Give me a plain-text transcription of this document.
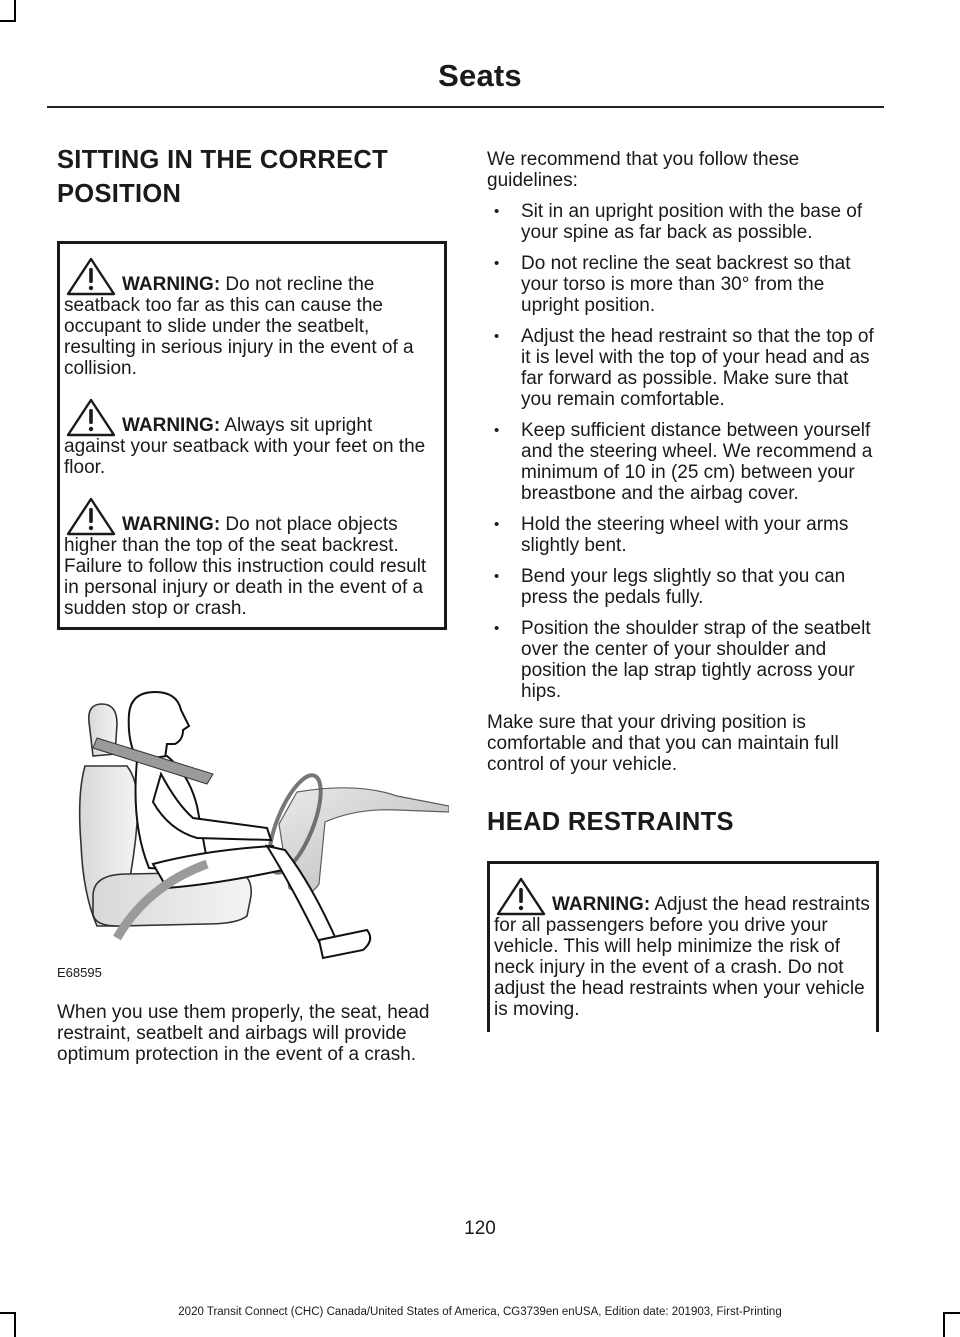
Seats
SITTING IN THE CORRECT
POSITION
WARNING: Do not recline the seatback too far as this can cause the occupant to slide under the seatbelt, resulting in serious injury in the event of a collision.
WARNING: Always sit upright against your seatback with your feet on the floor.
WARNING: Do not place objects higher than the top of the seat backrest. Failure to follow this instruction could result in personal injury or death in the event of a sudden stop or crash.
E68595

When you use them properly, the seat, head restraint, seatbelt and airbags will provide optimum protection in the event of a crash.

We recommend that you follow these guidelines:

• Sit in an upright position with the base of your spine as far back as possible.
• Do not recline the seat backrest so that your torso is more than 30° from the upright position.
• Adjust the head restraint so that the top of it is level with the top of your head and as far forward as possible. Make sure that you remain comfortable.
• Keep sufficient distance between yourself and the steering wheel. We recommend a minimum of 10 in (25 cm) between your breastbone and the airbag cover.
• Hold the steering wheel with your arms slightly bent.
• Bend your legs slightly so that you can press the pedals fully.
• Position the shoulder strap of the seatbelt over the center of your shoulder and position the lap strap tightly across your hips.

Make sure that your driving position is comfortable and that you can maintain full control of your vehicle.

HEAD RESTRAINTS
WARNING: Adjust the head restraints for all passengers before you drive your vehicle. This will help minimize the risk of neck injury in the event of a crash. Do not adjust the head restraints when your vehicle is moving.
120
2020 Transit Connect (CHC) Canada/United States of America, CG3739en enUSA, Edition date: 201903, First-Printing
